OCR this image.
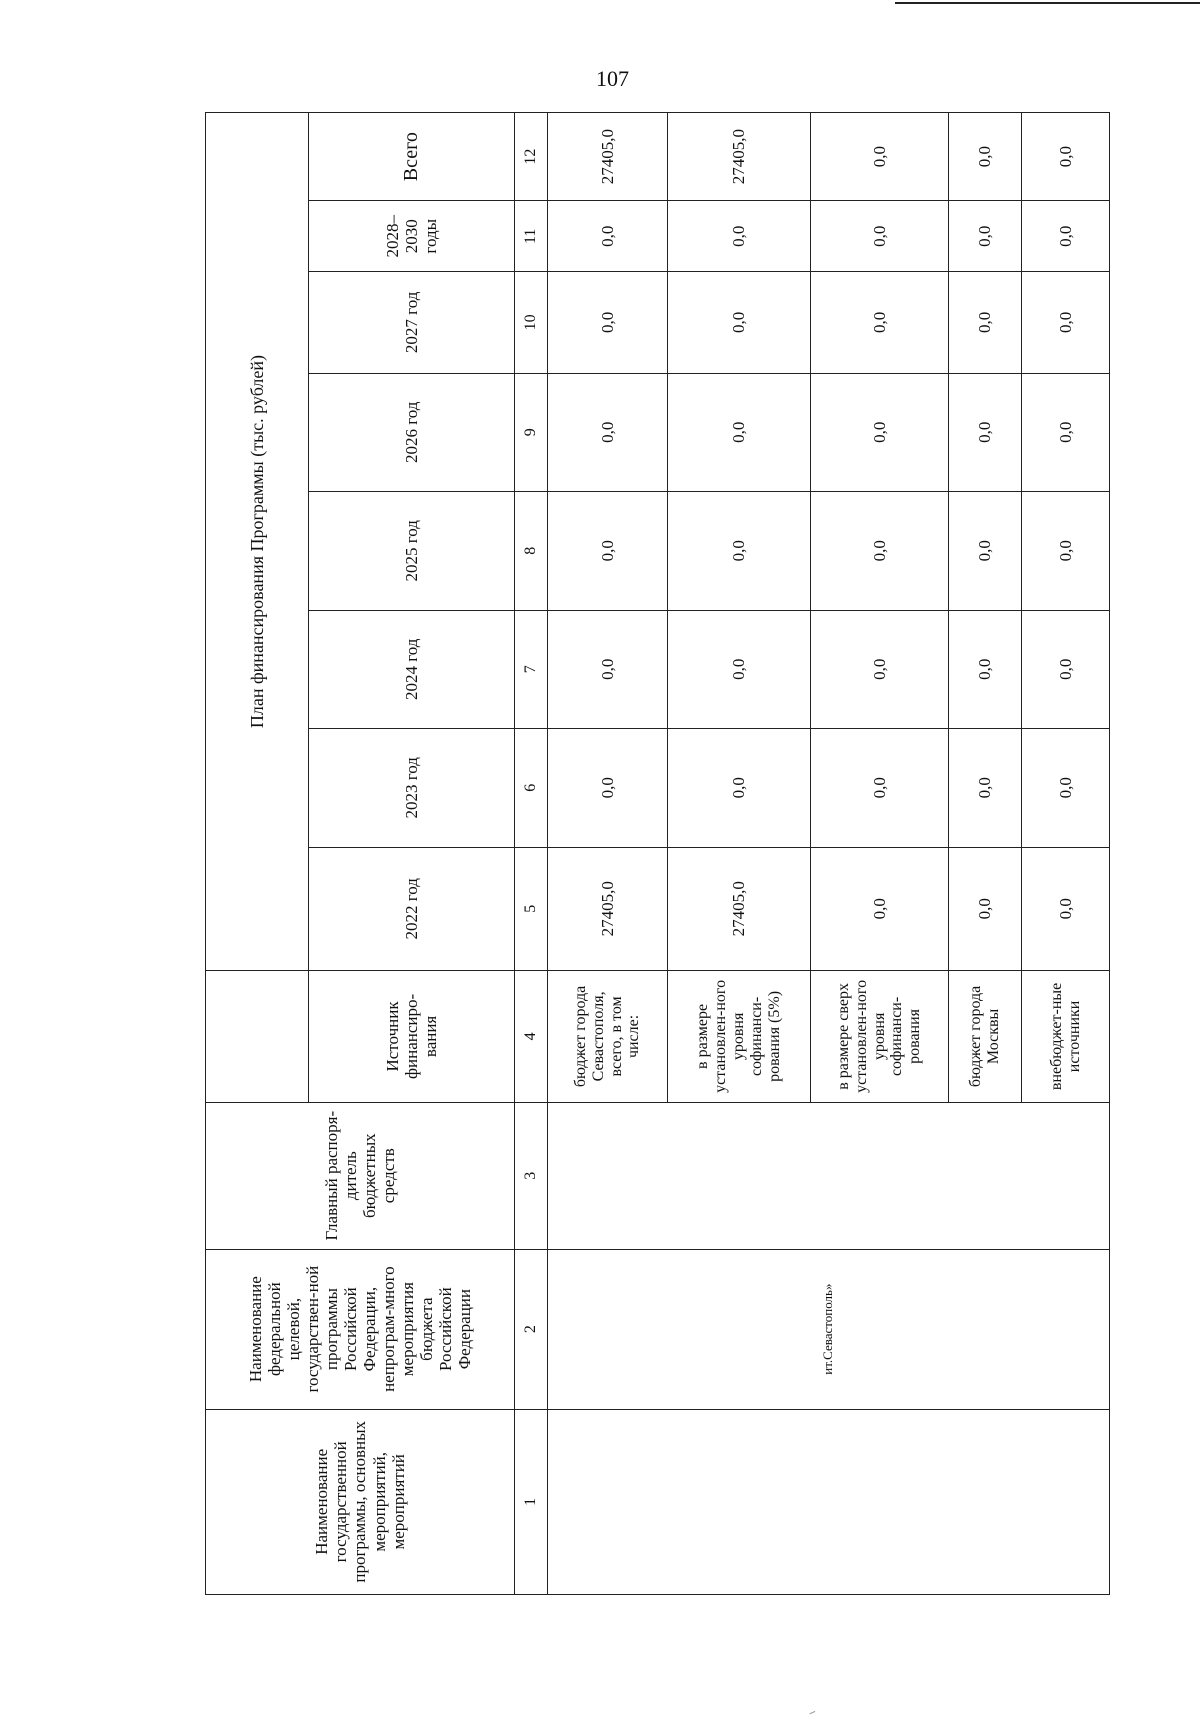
107
Наименование государственной программы, основных мероприятий, мероприятий	Наименование федеральной целевой, государствен-ной программы Российской Федерации, непрограм-много мероприятия бюджета Российской Федерации	Главный распоря-дитель бюджетных средств		План финансирования Программы (тыс. рублей)							
			Источник финансиро-вания	2022 год	2023 год	2024 год	2025 год	2026 год	2027 год	2028–2030 годы	Всего
1	2	3	4	5	6	7	8	9	10	11	12
	ит.Севастополь»		бюджет города Севастополя, всего, в том числе:	27405,0	0,0	0,0	0,0	0,0	0,0	0,0	27405,0
			в размере установлен-ного уровня софинанси-рования (5%)	27405,0	0,0	0,0	0,0	0,0	0,0	0,0	27405,0
			в размере сверх установлен-ного уровня софинанси-рования	0,0	0,0	0,0	0,0	0,0	0,0	0,0	0,0
			бюджет города Москвы	0,0	0,0	0,0	0,0	0,0	0,0	0,0	0,0
			внебюджет-ные источники	0,0	0,0	0,0	0,0	0,0	0,0	0,0	0,0
